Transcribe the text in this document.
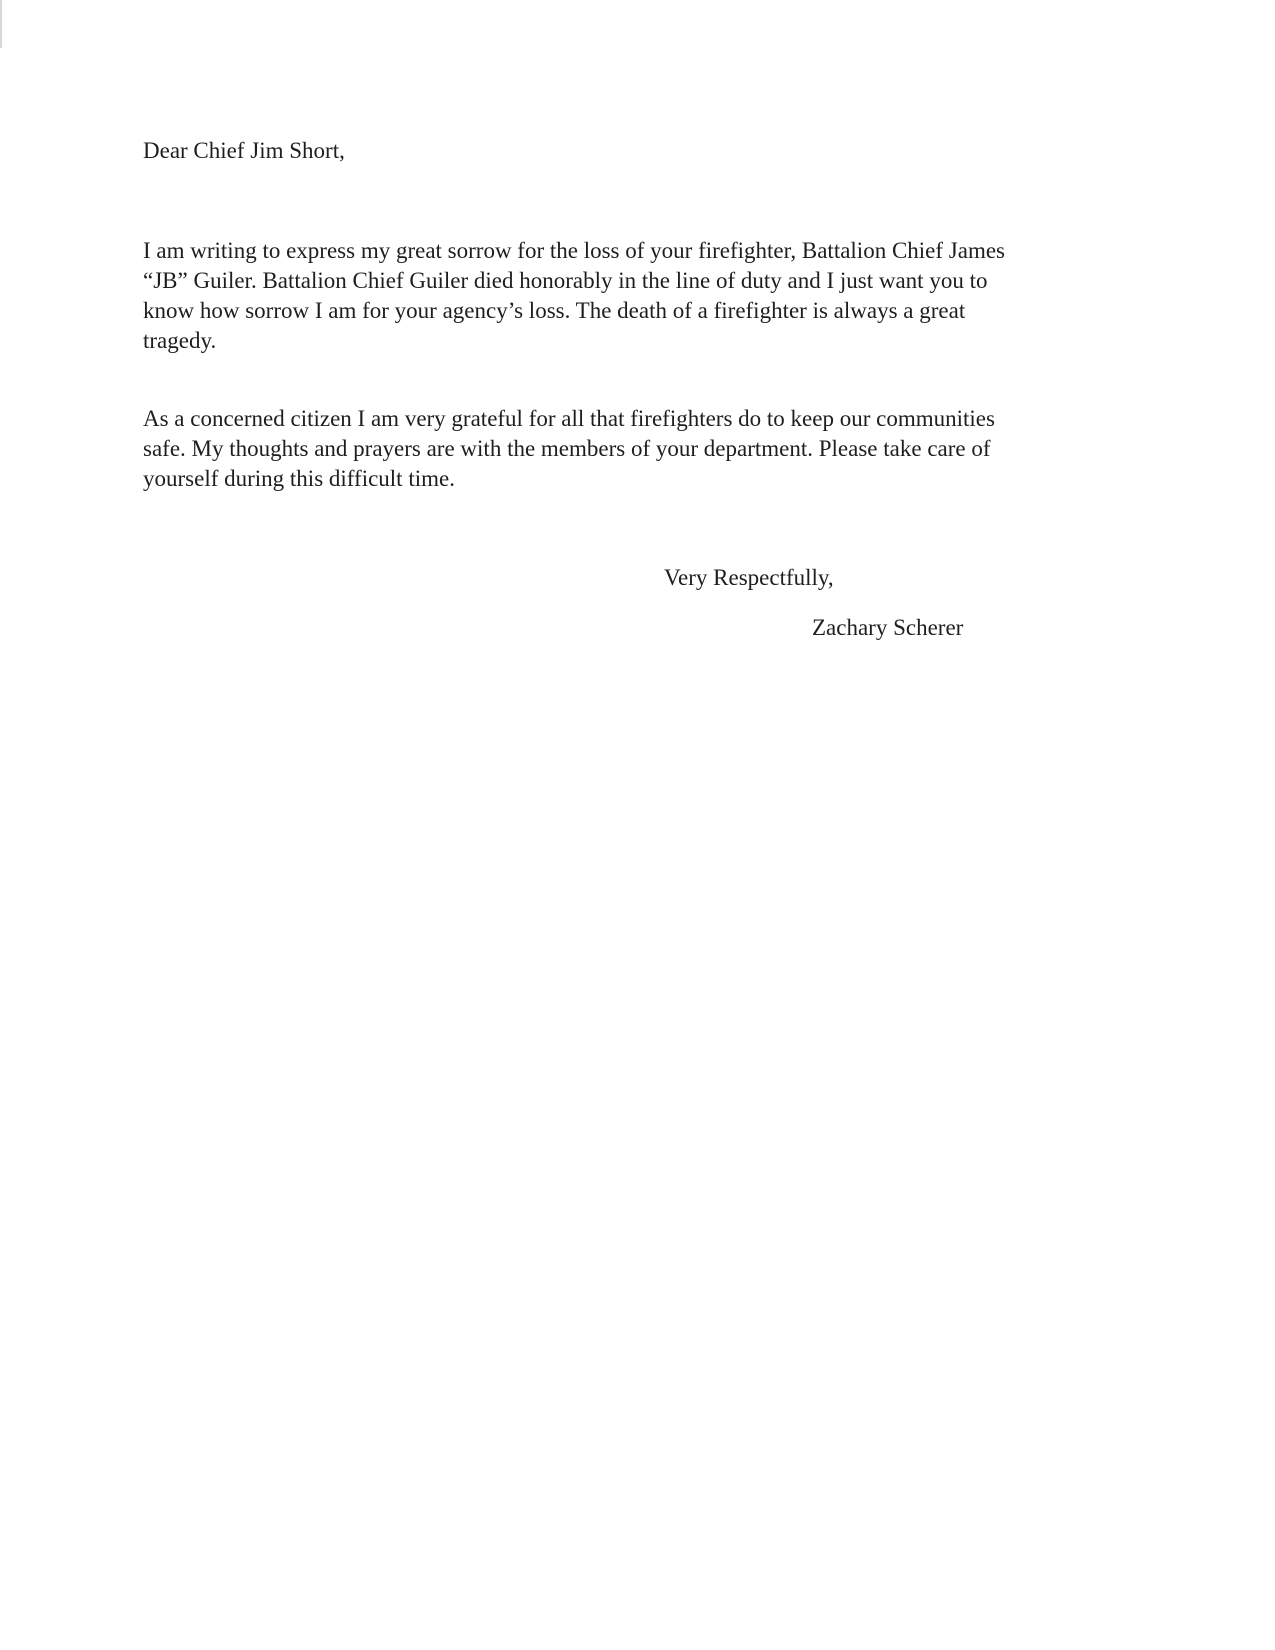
Dear Chief Jim Short,

I am writing to express my great sorrow for the loss of your firefighter, Battalion Chief James
“JB” Guiler. Battalion Chief Guiler died honorably in the line of duty and I just want you to
know how sorrow I am for your agency’s loss. The death of a firefighter is always a great
tragedy.

As a concerned citizen I am very grateful for all that firefighters do to keep our communities
safe. My thoughts and prayers are with the members of your department. Please take care of
yourself during this difficult time.

Very Respectfully,

Zachary Scherer
